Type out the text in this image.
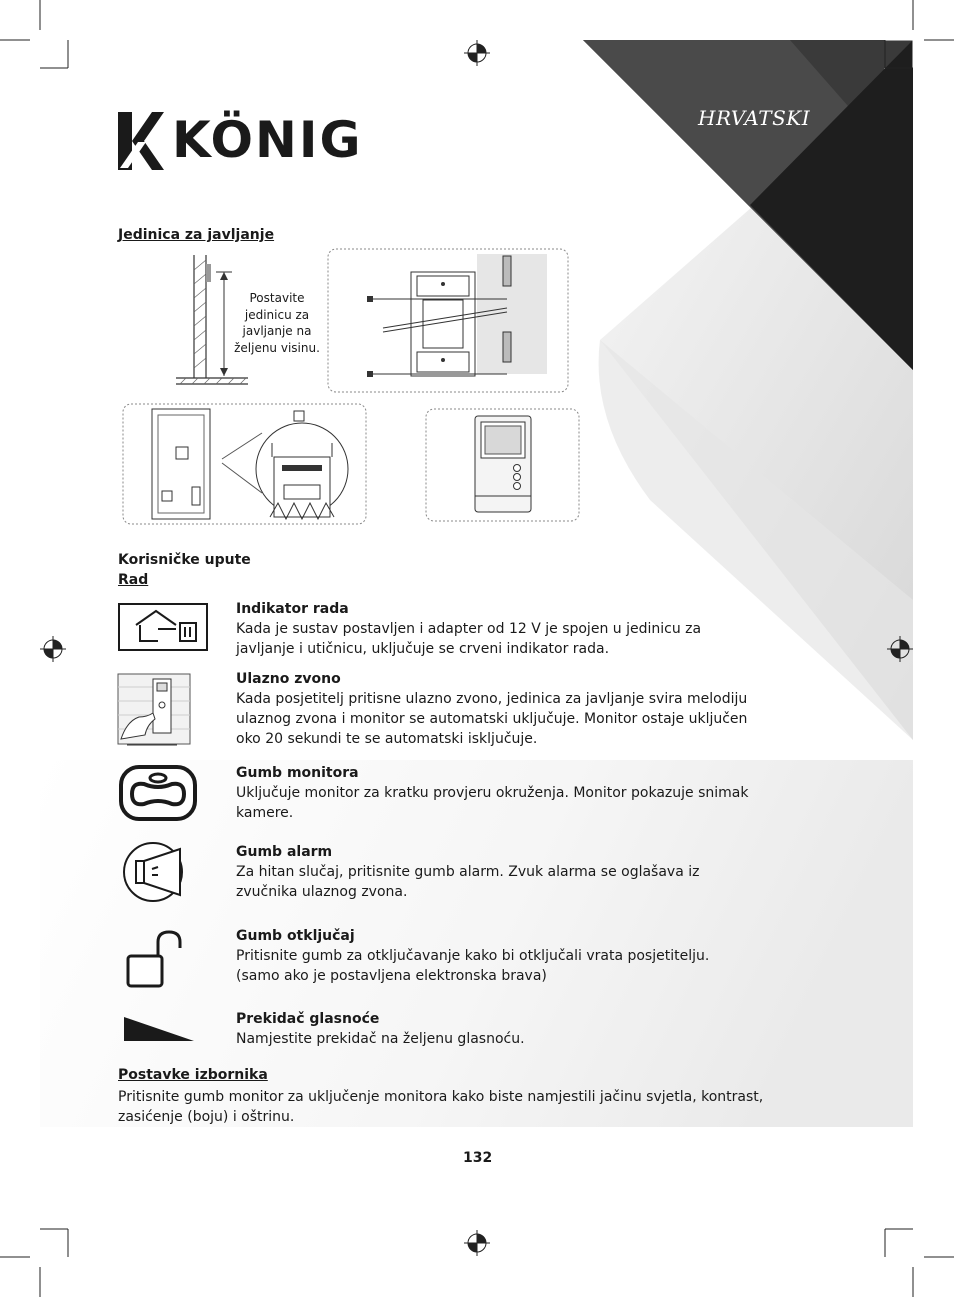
HRVATSKI
KÖNIG
Jedinica za javljanje
Postavite
jedinicu za
javljanje na
željenu visinu.
Korisničke upute
Rad
Indikator rada
Kada je sustav postavljen i adapter od 12 V je spojen u jedinicu za javljanje i utičnicu, uključuje se crveni indikator rada.
Ulazno zvono
Kada posjetitelj pritisne ulazno zvono, jedinica za javljanje svira melodiju ulaznog zvona i monitor se automatski uključuje. Monitor ostaje uključen oko 20 sekundi te se automatski isključuje.
Gumb monitora
Uključuje monitor za kratku provjeru okruženja. Monitor pokazuje snimak kamere.
Gumb alarm
Za hitan slučaj, pritisnite gumb alarm. Zvuk alarma se oglašava iz zvučnika ulaznog zvona.
Gumb otključaj
Pritisnite gumb za otključavanje kako bi otključali vrata posjetitelju. (samo ako je postavljena elektronska brava)
Prekidač glasnoće
Namjestite prekidač na željenu glasnoću.
Postavke izbornika
Pritisnite gumb monitor za uključenje monitora kako biste namjestili jačinu svjetla, kontrast, zasićenje (boju) i oštrinu.
132
